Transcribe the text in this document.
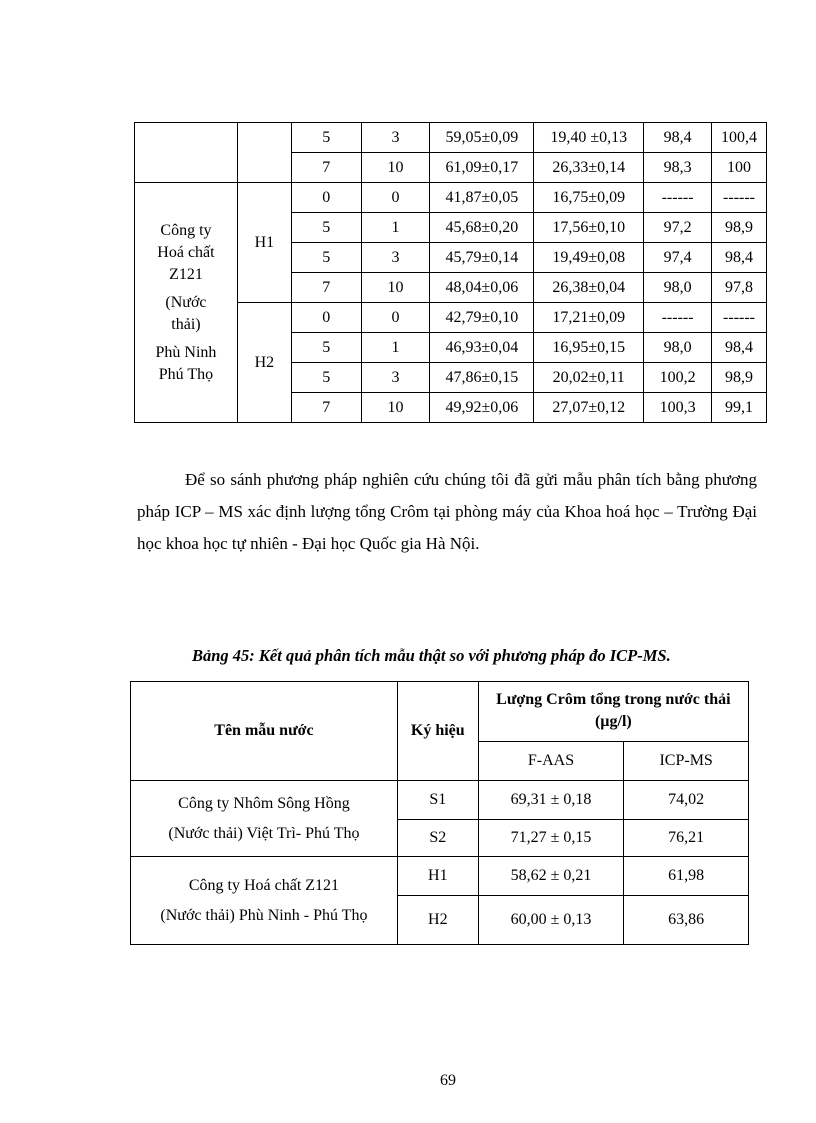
		5	3	59,05±0,09	19,40 ±0,13	98,4	100,4
		7	10	61,09±0,17	26,33±0,14	98,3	100

Công ty Hoá chất Z121
(Nước thải)
Phù Ninh Phú Thọ	H1	0	0	41,87±0,05	16,75±0,09	------	------
		5	1	45,68±0,20	17,56±0,10	97,2	98,9
		5	3	45,79±0,14	19,49±0,08	97,4	98,4
		7	10	48,04±0,06	26,38±0,04	98,0	97,8
	H2	0	0	42,79±0,10	17,21±0,09	------	------
		5	1	46,93±0,04	16,95±0,15	98,0	98,4
		5	3	47,86±0,15	20,02±0,11	100,2	98,9
		7	10	49,92±0,06	27,07±0,12	100,3	99,1

Để so sánh phương pháp nghiên cứu chúng tôi đã gửi mẫu phân tích bằng phương pháp ICP – MS xác định lượng tổng Crôm tại phòng máy của Khoa hoá học – Trường Đại học khoa học tự nhiên - Đại học Quốc gia Hà Nội.

Bảng 45: Kết quả phân tích mẫu thật so với phương pháp đo ICP-MS.

Tên mẫu nước	Ký hiệu	Lượng Crôm tổng trong nước thải (µg/l)	
		F-AAS	ICP-MS

Công ty Nhôm Sông Hồng
(Nước thải) Việt Trì- Phú Thọ	S1	69,31 ± 0,18	74,02
	S2	71,27 ± 0,15	76,21

Công ty Hoá chất Z121
(Nước thải) Phù Ninh - Phú Thọ	H1	58,62 ± 0,21	61,98
	H2	60,00 ± 0,13	63,86

69
